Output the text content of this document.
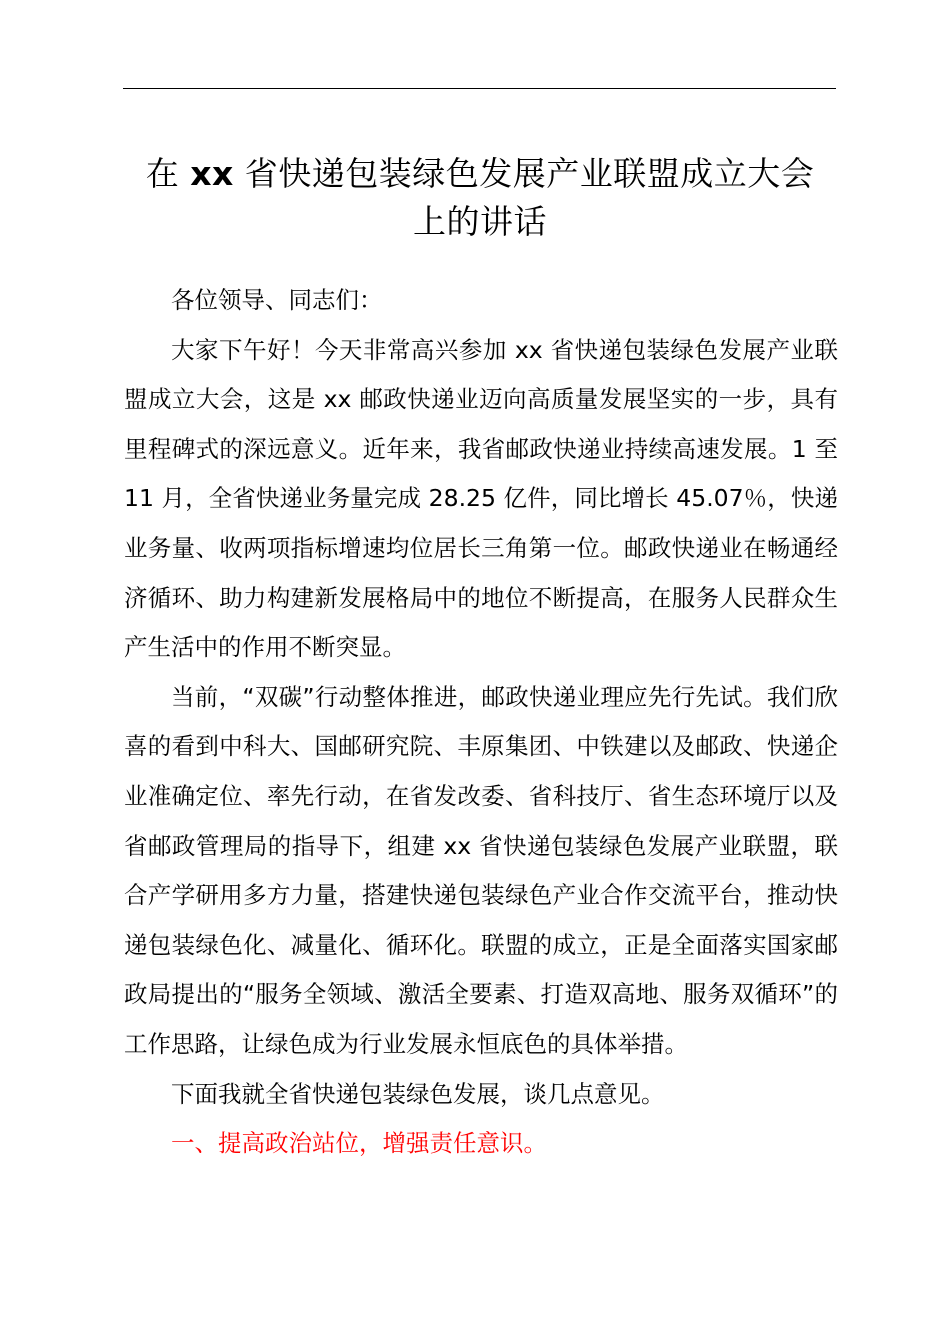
在 xx 省快递包装绿色发展产业联盟成立大会
上的讲话

各位领导、同志们：

大家下午好！今天非常高兴参加 xx 省快递包装绿色发展产业联盟成立大会，这是 xx 邮政快递业迈向高质量发展坚实的一步，具有里程碑式的深远意义。近年来，我省邮政快递业持续高速发展。1 至 11 月，全省快递业务量完成 28.25 亿件，同比增长 45.07％，快递业务量、收两项指标增速均位居长三角第一位。邮政快递业在畅通经济循环、助力构建新发展格局中的地位不断提高，在服务人民群众生产生活中的作用不断突显。

当前，“双碳”行动整体推进，邮政快递业理应先行先试。我们欣喜的看到中科大、国邮研究院、丰原集团、中铁建以及邮政、快递企业准确定位、率先行动，在省发改委、省科技厅、省生态环境厅以及省邮政管理局的指导下，组建 xx 省快递包装绿色发展产业联盟，联合产学研用多方力量，搭建快递包装绿色产业合作交流平台，推动快递包装绿色化、减量化、循环化。联盟的成立，正是全面落实国家邮政局提出的“服务全领域、激活全要素、打造双高地、服务双循环”的工作思路，让绿色成为行业发展永恒底色的具体举措。

下面我就全省快递包装绿色发展，谈几点意见。

一、提高政治站位，增强责任意识。
